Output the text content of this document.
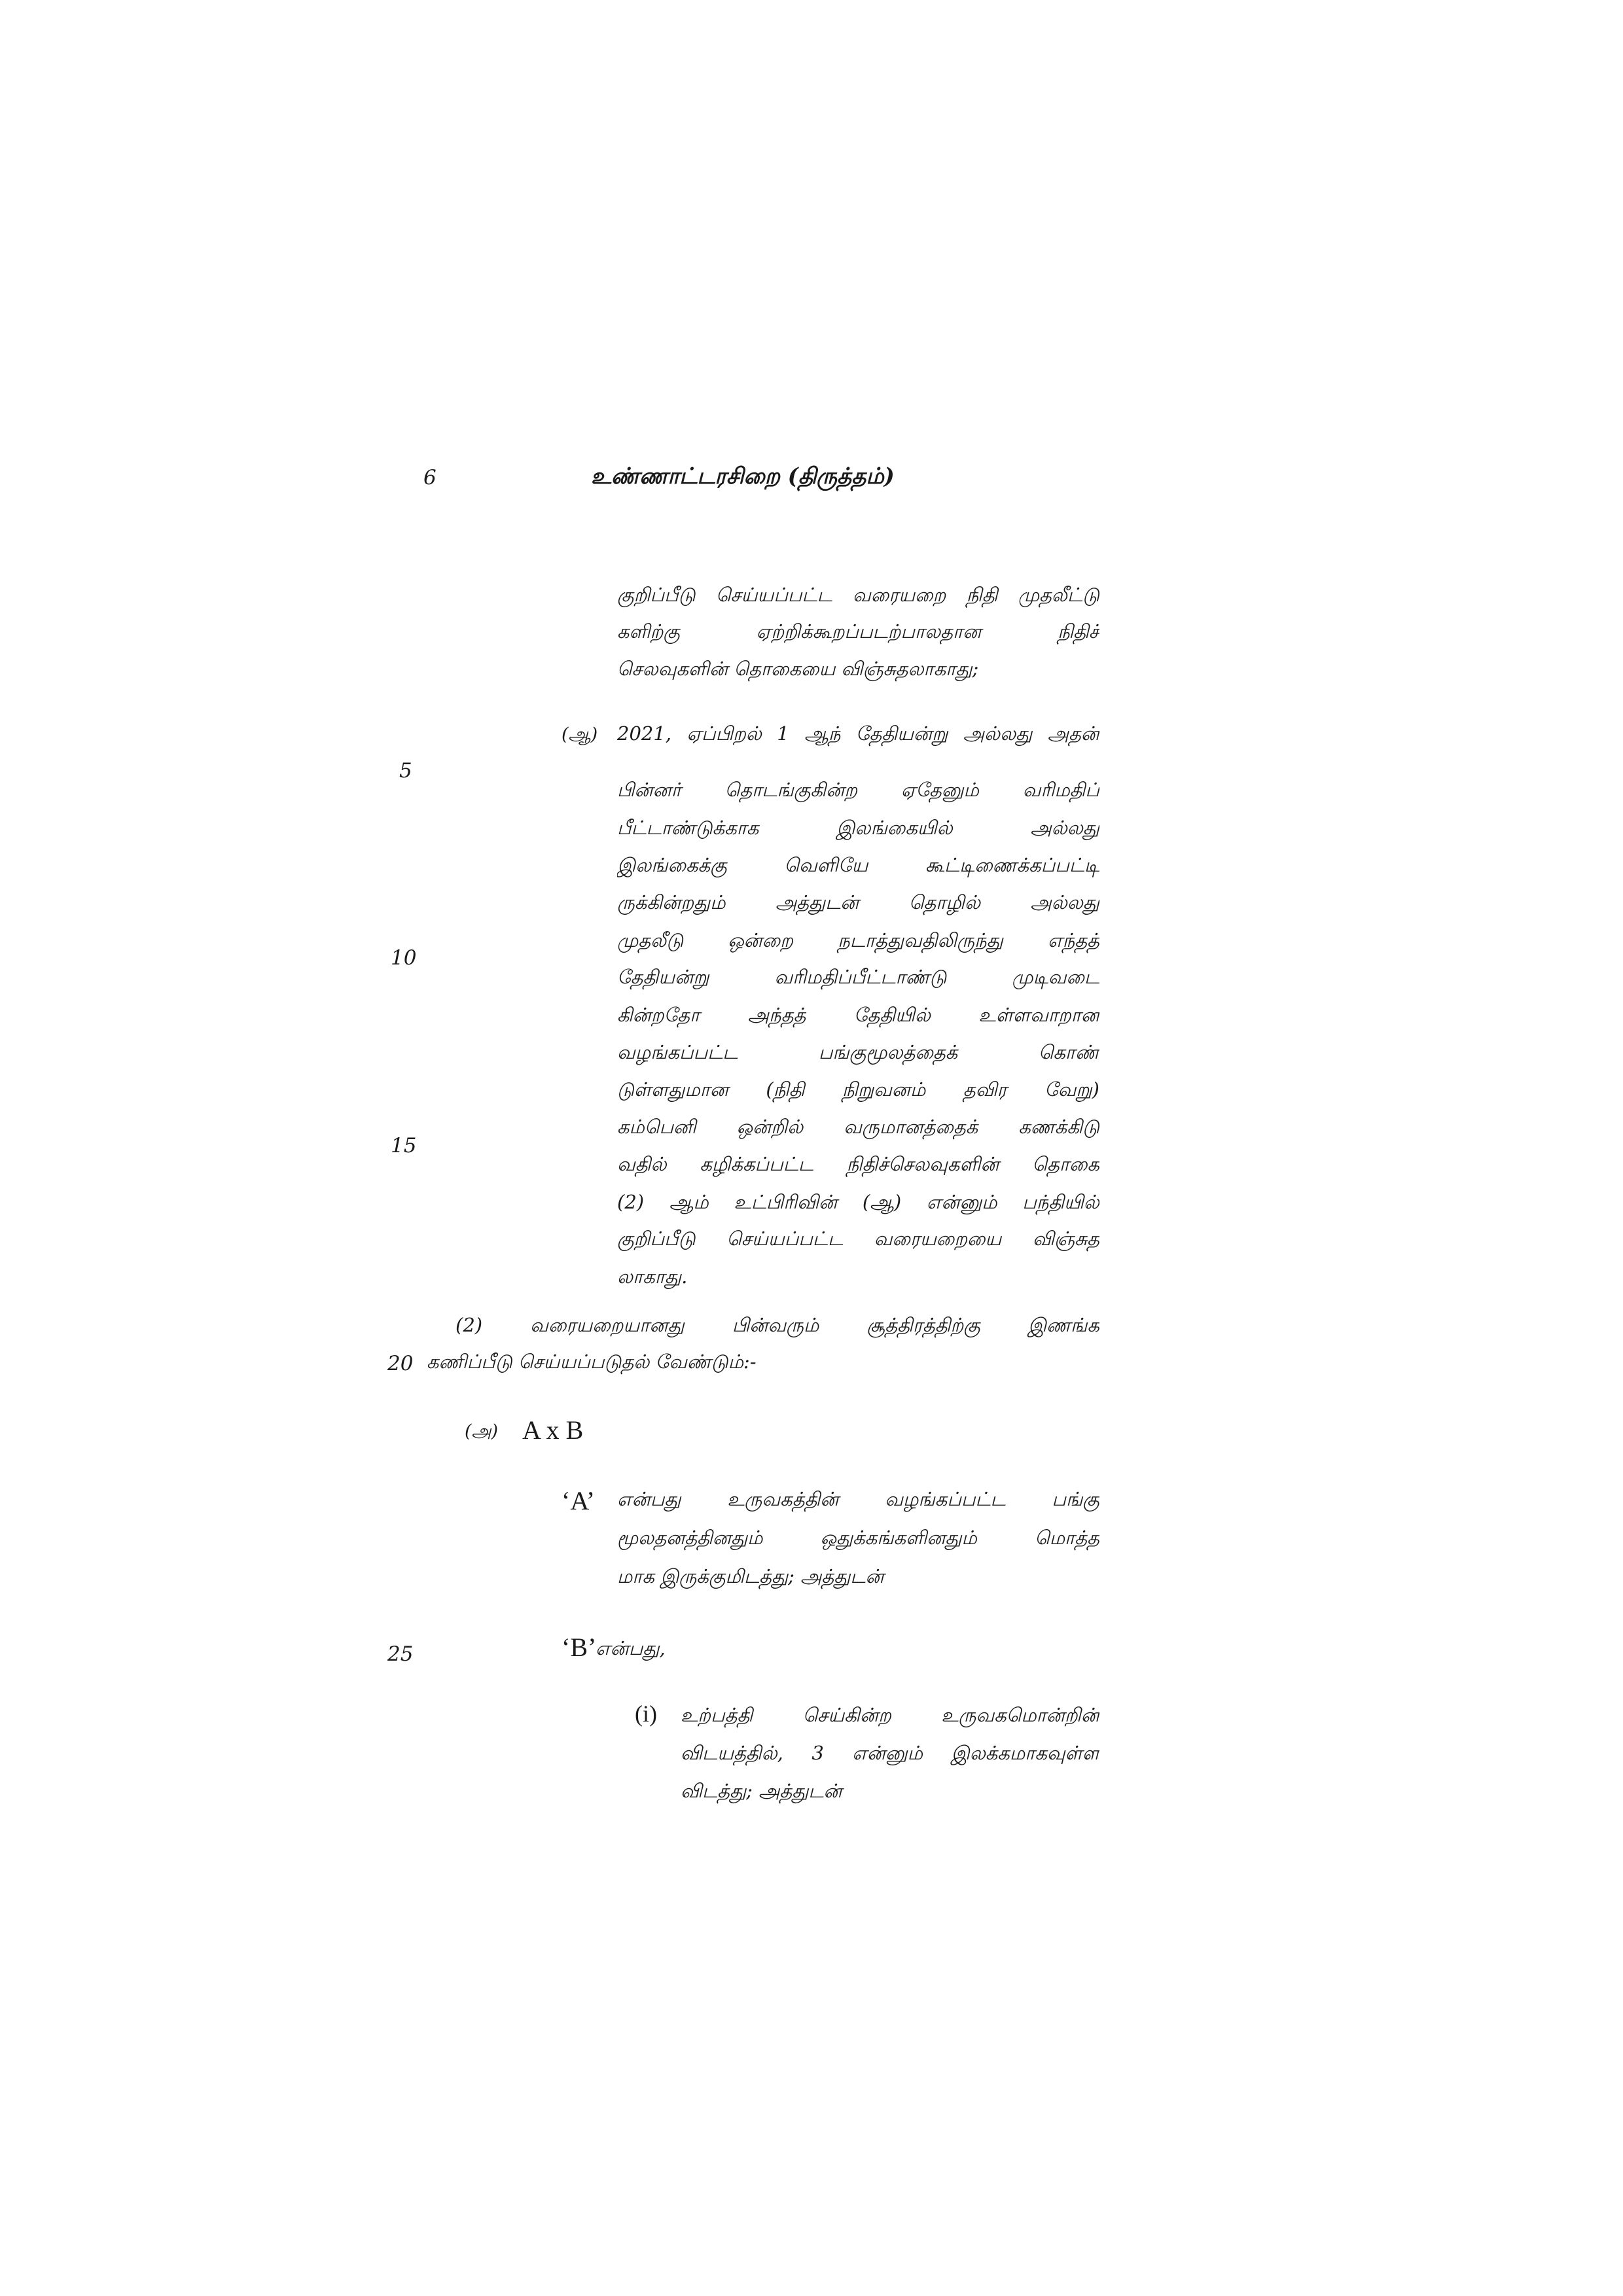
6	உண்ணாட்டரசிறை (திருத்தம்)
குறிப்பீடு செய்யப்பட்ட வரையறை நிதி முதலீட்டு
களிற்கு ஏற்றிக்கூறப்படற்பாலதான நிதிச்
செலவுகளின் தொகையை விஞ்சுதலாகாது;
(ஆ) 2021, ஏப்பிறல் 1 ஆந் தேதியன்று அல்லது அதன்
பின்னர் தொடங்குகின்ற ஏதேனும் வரிமதிப்
பீட்டாண்டுக்காக இலங்கையில் அல்லது
இலங்கைக்கு வெளியே கூட்டிணைக்கப்பட்டி
ருக்கின்றதும் அத்துடன் தொழில் அல்லது
முதலீடு ஒன்றை நடாத்துவதிலிருந்து எந்தத்
தேதியன்று வரிமதிப்பீட்டாண்டு முடிவடை
கின்றதோ அந்தத் தேதியில் உள்ளவாறான
வழங்கப்பட்ட பங்குமூலத்தைக் கொண்
டுள்ளதுமான (நிதி நிறுவனம் தவிர வேறு)
கம்பெனி ஒன்றில் வருமானத்தைக் கணக்கிடு
வதில் கழிக்கப்பட்ட நிதிச்செலவுகளின் தொகை
(2) ஆம் உட்பிரிவின் (ஆ) என்னும் பந்தியில்
குறிப்பீடு செய்யப்பட்ட வரையறையை விஞ்சுத
லாகாது.
5
10
15
20
25
(2) வரையறையானது பின்வரும் சூத்திரத்திற்கு இணங்க
கணிப்பீடு செய்யப்படுதல் வேண்டும்:-
(அ) A x B
‘A’ என்பது உருவகத்தின் வழங்கப்பட்ட பங்கு
மூலதனத்தினதும் ஒதுக்கங்களினதும் மொத்த
மாக இருக்குமிடத்து; அத்துடன்
‘B’
என்பது,
(i) உற்பத்தி செய்கின்ற உருவகமொன்றின்
விடயத்தில், 3 என்னும் இலக்கமாகவுள்ள
விடத்து; அத்துடன்
